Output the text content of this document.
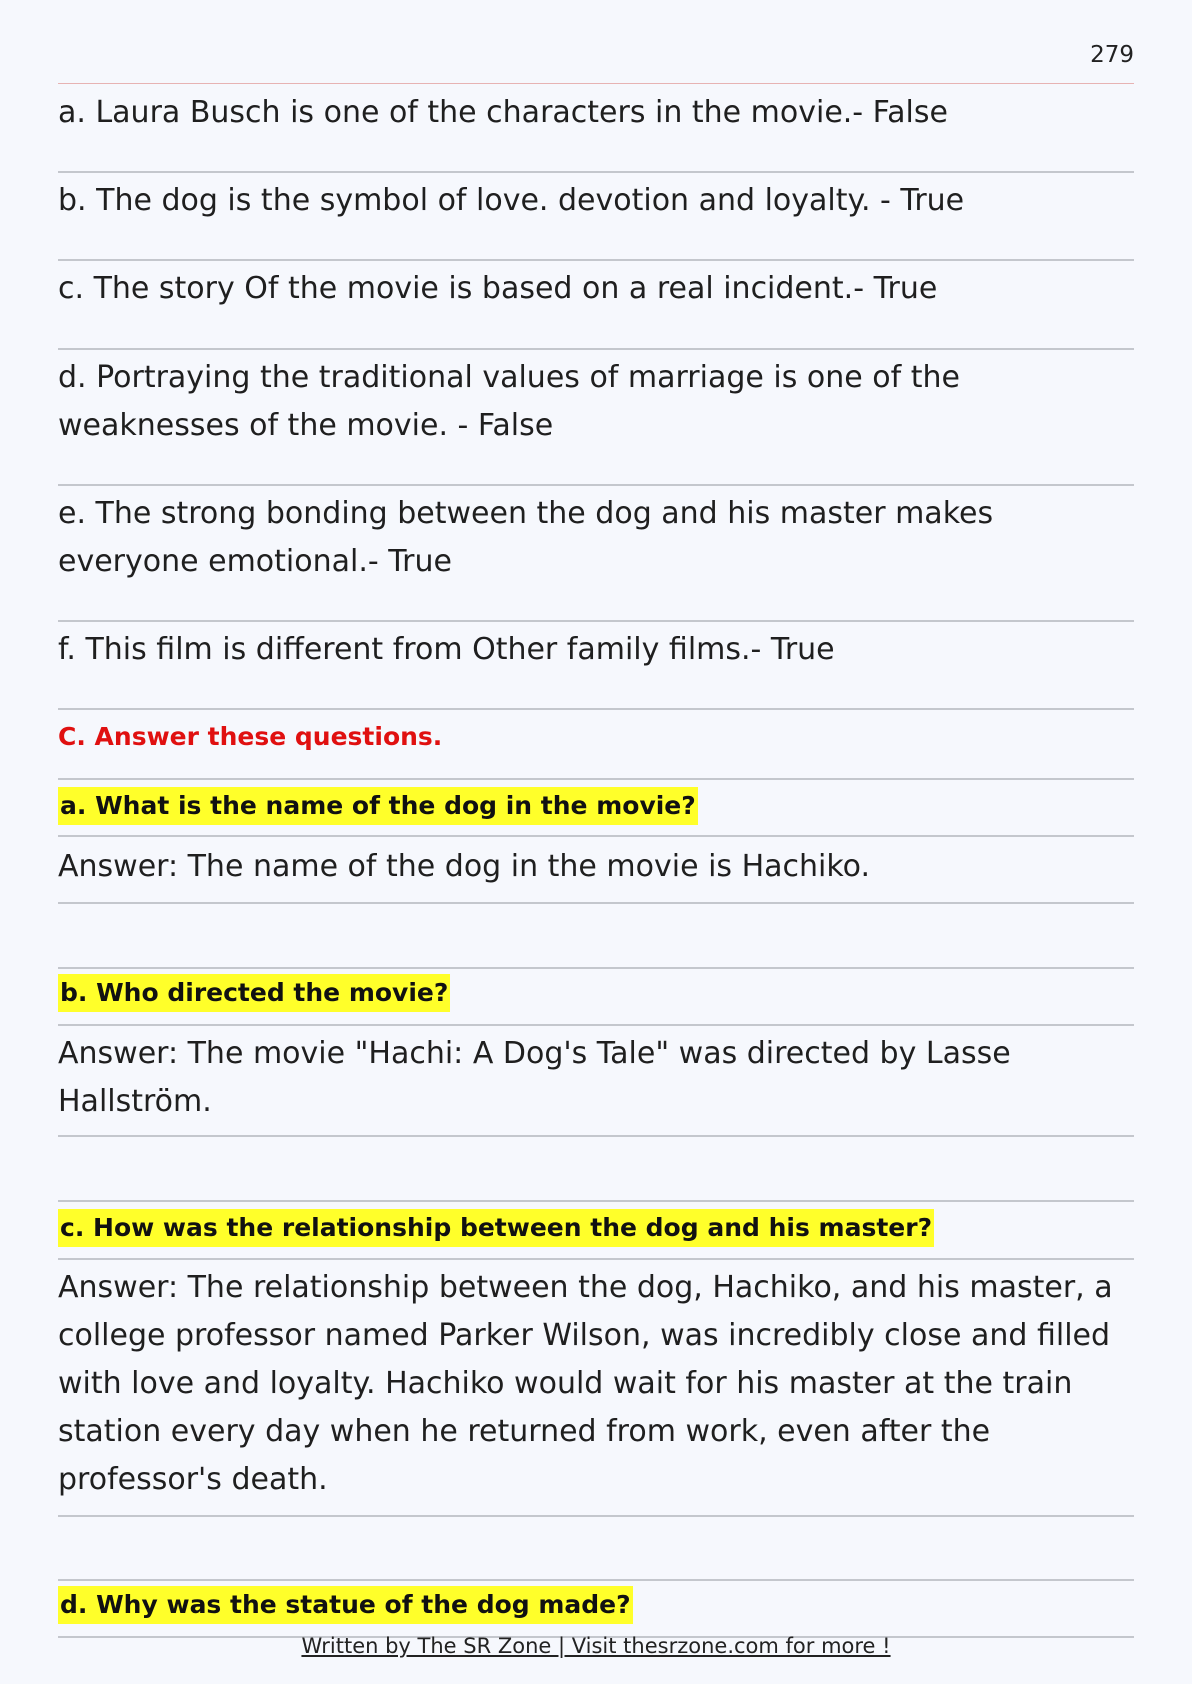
279
a. Laura Busch is one of the characters in the movie.- False
b. The dog is the symbol of love. devotion and loyalty. - True
c. The story Of the movie is based on a real incident.- True
d. Portraying the traditional values of marriage is one of the weaknesses of the movie. - False
e. The strong bonding between the dog and his master makes everyone emotional.- True
f. This film is different from Other family films.- True
C. Answer these questions.
a. What is the name of the dog in the movie?
Answer: The name of the dog in the movie is Hachiko.
b. Who directed the movie?
Answer: The movie "Hachi: A Dog's Tale" was directed by Lasse Hallström.
c. How was the relationship between the dog and his master?
Answer: The relationship between the dog, Hachiko, and his master, a college professor named Parker Wilson, was incredibly close and filled with love and loyalty. Hachiko would wait for his master at the train station every day when he returned from work, even after the professor's death.
d. Why was the statue of the dog made?
Written by The SR Zone | Visit thesrzone.com for more !
